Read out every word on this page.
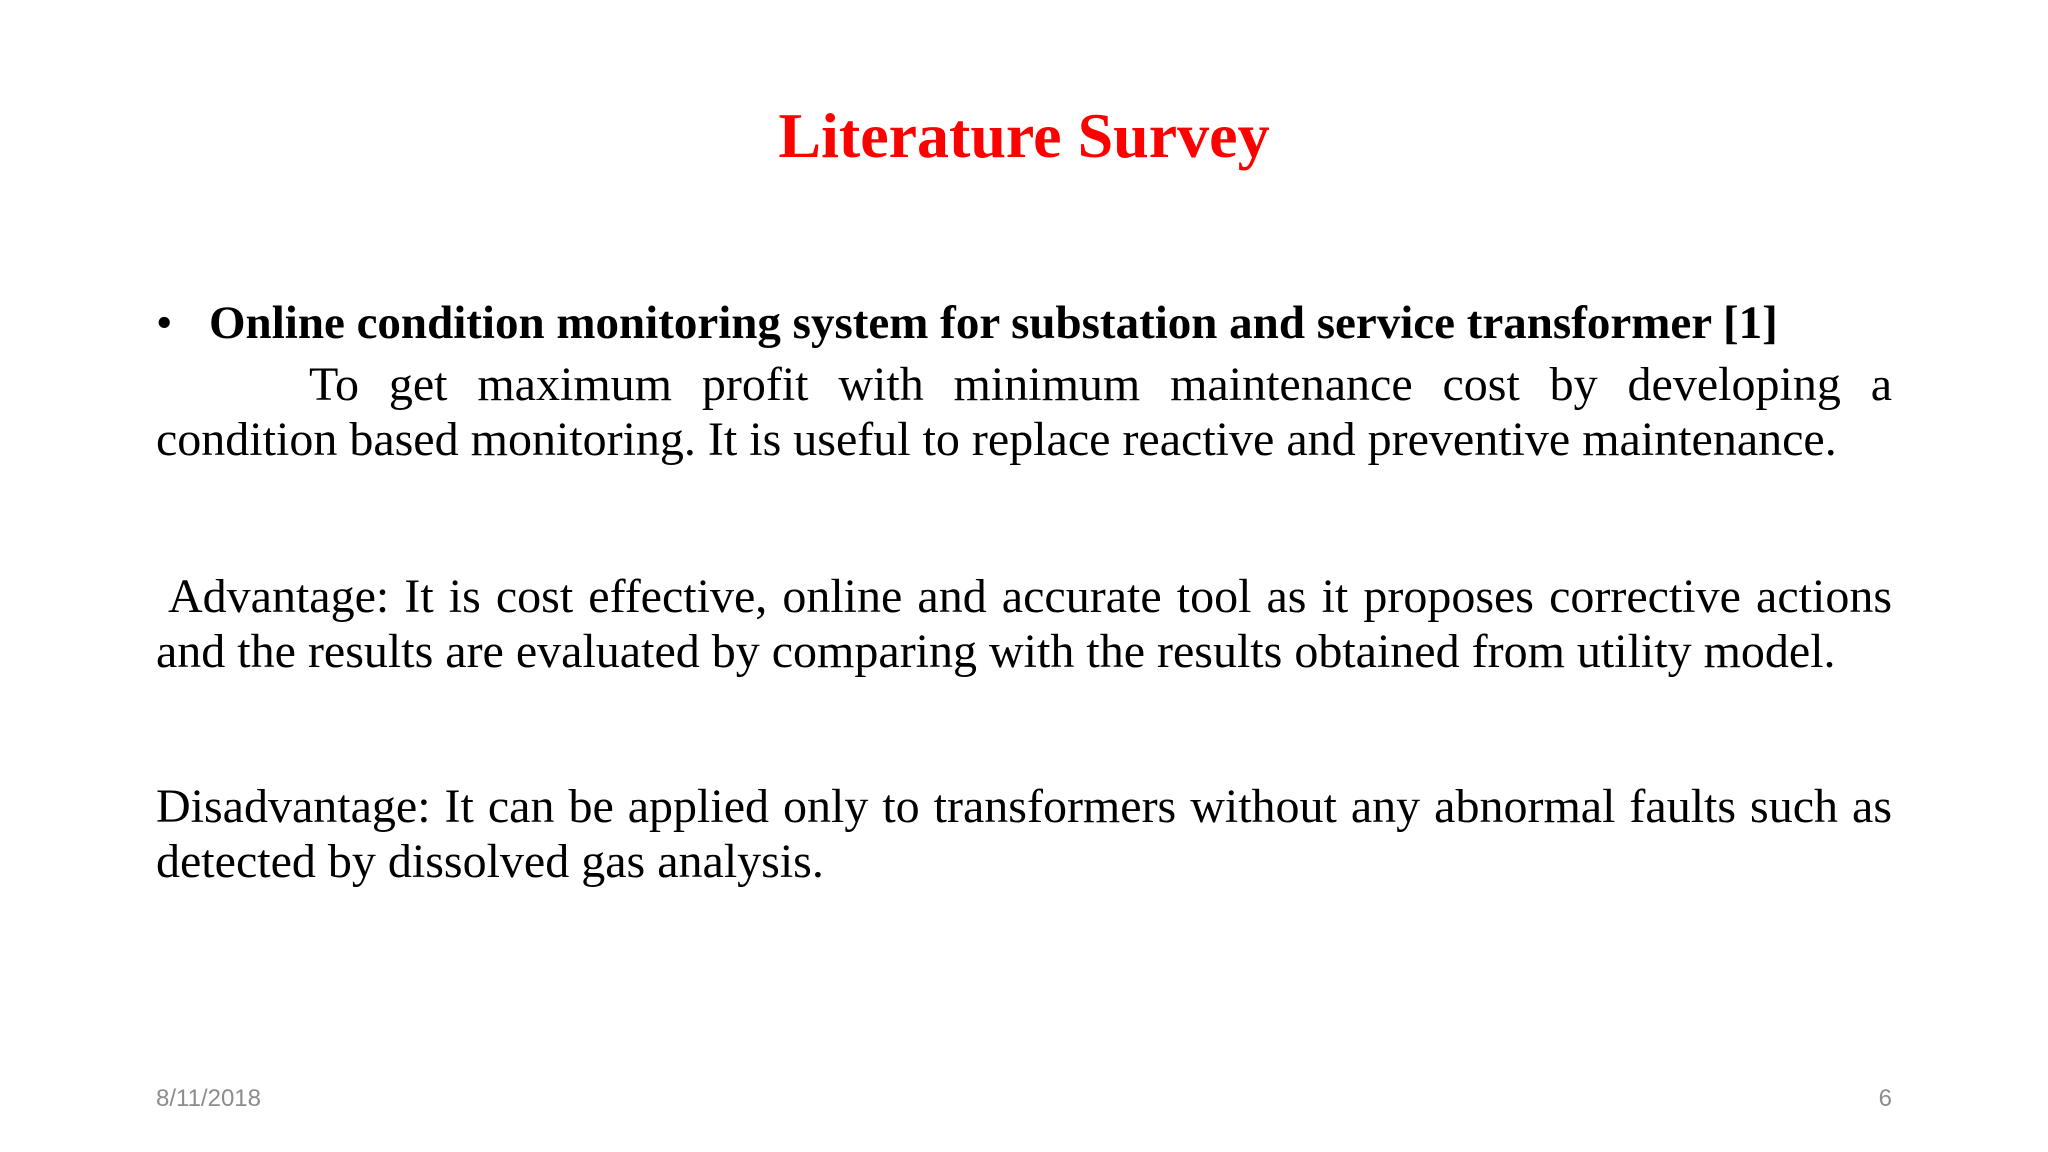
Literature Survey
• Online condition monitoring system for substation and service transformer [1]

To get maximum profit with minimum maintenance cost by developing a condition based monitoring. It is useful to replace reactive and preventive maintenance.

Advantage: It is cost effective, online and accurate tool as it proposes corrective actions and the results are evaluated by comparing with the results obtained from utility model.

Disadvantage: It can be applied only to transformers without any abnormal faults such as detected by dissolved gas analysis.

8/11/2018	6
